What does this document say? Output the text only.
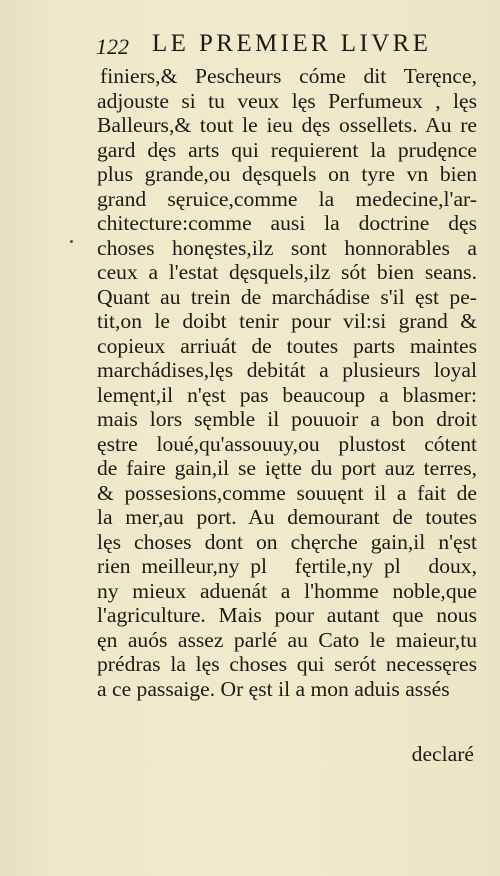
122 LE PREMIER LIVRE
finiers,& Pescheurs cóme dit Teręnce,
adjouste si tu veux lęs Perfumeux , lęs
Balleurs,& tout le ieu dęs ossellets. Au re
gard dęs arts qui requierent la prudęnce
plus grande,ou dęsquels on tyre vn bien
grand sęruice,comme la medecine,l'ar-
chitecture:comme ausi la doctrine dęs
choses honęstes,ilz sont honnorables a
ceux a l'estat dęsquels,ilz sót bien seans.
Quant au trein de marchádise s'il ęst pe-
tit,on le doibt tenir pour vil:si grand &
copieux arriuát de toutes parts maintes
marchádises,lęs debitát a plusieurs loyal
lemęnt,il n'ęst pas beaucoup a blasmer:
mais lors sęmble il pouuoir a bon droit
ęstre loué,qu'assouuy,ou plustost cótent
de faire gain,il se iętte du port auz terres,
& possesions,comme souuęnt il a fait de
la mer,au port. Au demourant de toutes
lęs choses dont on chęrche gain,il n'ęst
rien meilleur,ny pl᷒ fęrtile,ny pl᷒ doux,
ny mieux aduenát a l'homme noble,que
l'agriculture. Mais pour autant que nous
ęn auós assez parlé au Cato le maieur,tu
prédras la lęs choses qui serót necessęres
a ce passaige. Or ęst il a mon aduis assés
declaré
